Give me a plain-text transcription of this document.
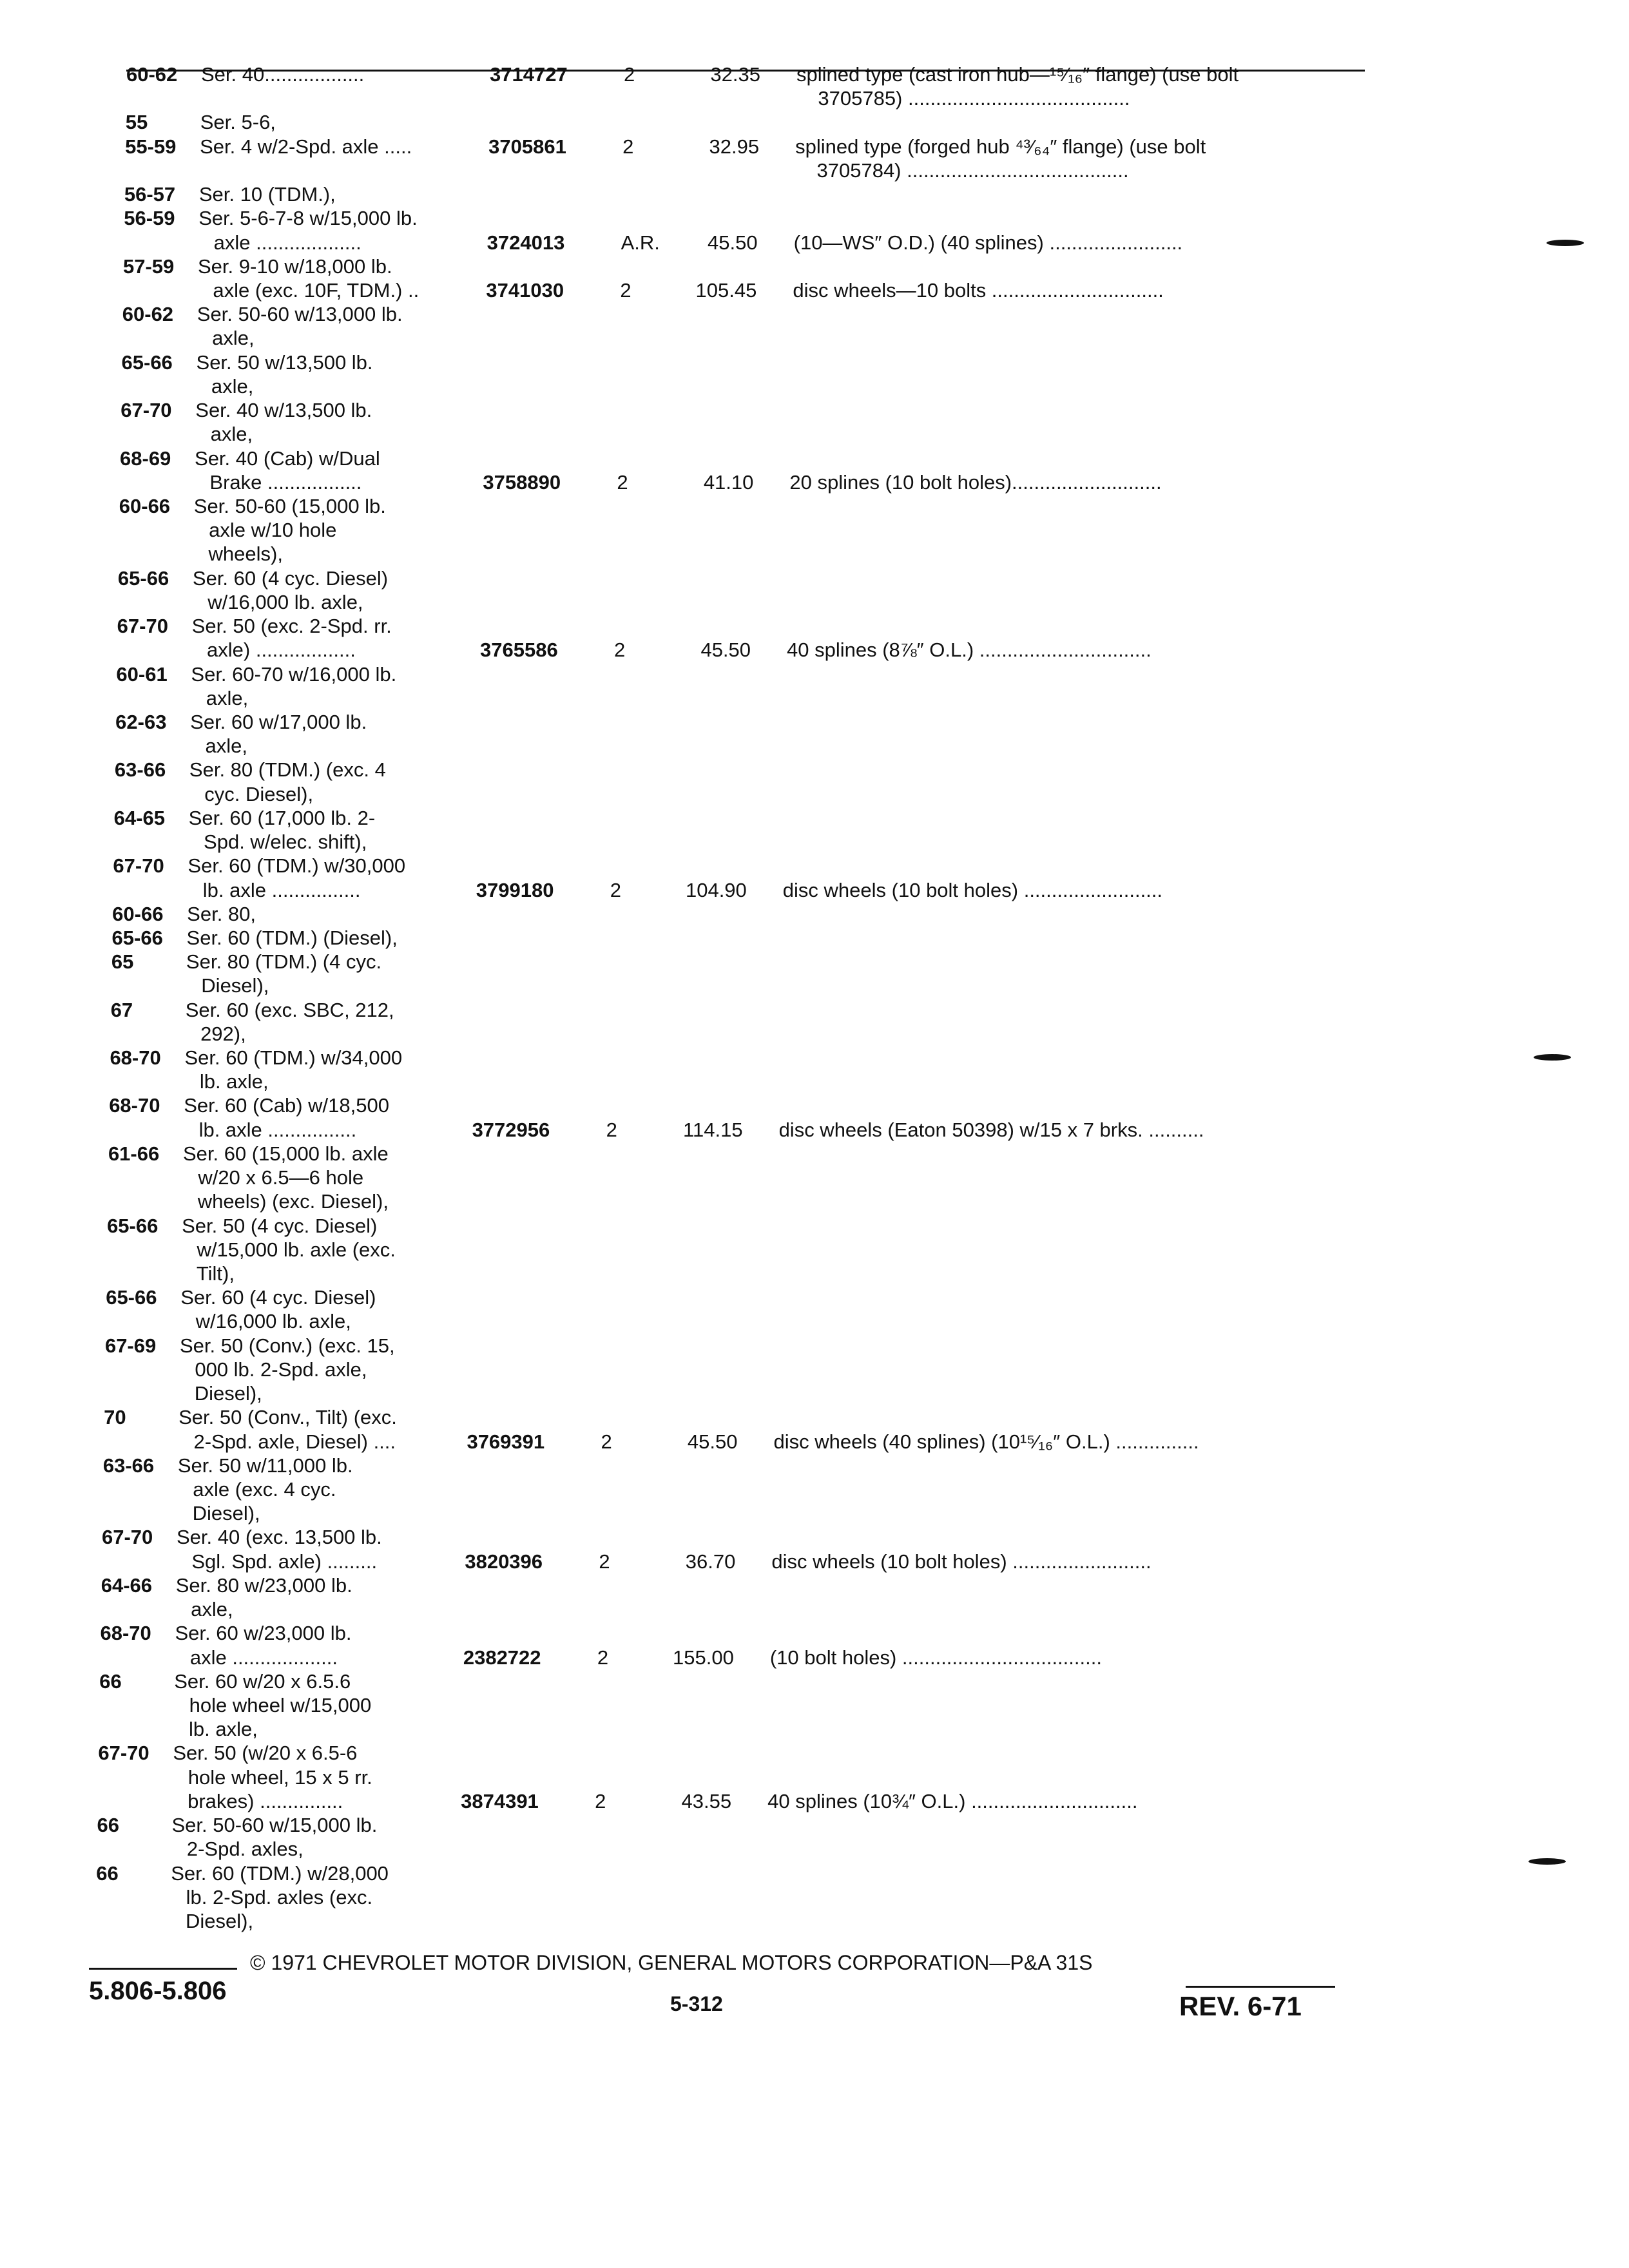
60-62	Ser. 40..................	3714727	2	32.35 splined type (cast iron hub—¹⁵⁄₁₆″ flange) (use bolt
3705785) ........................................
55	Ser. 5-6,
55-59	Ser. 4 w/2-Spd. axle .....	3705861	2	32.95 splined type (forged hub ⁴³⁄₆₄″ flange) (use bolt
3705784) ........................................
56-57	Ser. 10 (TDM.),
56-59	Ser. 5-6-7-8 w/15,000 lb.
axle ...................	3724013	A.R.	45.50 (10—WS″ O.D.) (40 splines) ........................
57-59	Ser. 9-10 w/18,000 lb.
axle (exc. 10F, TDM.) ..	3741030	2	105.45 disc wheels—10 bolts ...............................
60-62	Ser. 50-60 w/13,000 lb.
axle,
65-66	Ser. 50 w/13,500 lb.
axle,
67-70	Ser. 40 w/13,500 lb.
axle,
68-69	Ser. 40 (Cab) w/Dual
Brake .................	3758890	2	41.10 20 splines (10 bolt holes)...........................
60-66	Ser. 50-60 (15,000 lb.
axle w/10 hole
wheels),
65-66	Ser. 60 (4 cyc. Diesel)
w/16,000 lb. axle,
67-70	Ser. 50 (exc. 2-Spd. rr.
axle) ..................	3765586	2	45.50 40 splines (8⅞″ O.L.) ...............................
60-61	Ser. 60-70 w/16,000 lb.
axle,
62-63	Ser. 60 w/17,000 lb.
axle,
63-66	Ser. 80 (TDM.) (exc. 4
cyc. Diesel),
64-65	Ser. 60 (17,000 lb. 2-
Spd. w/elec. shift),
67-70	Ser. 60 (TDM.) w/30,000
lb. axle ................	3799180	2	104.90 disc wheels (10 bolt holes) .........................
60-66	Ser. 80,
65-66	Ser. 60 (TDM.) (Diesel),
65	Ser. 80 (TDM.) (4 cyc.
Diesel),
67	Ser. 60 (exc. SBC, 212,
292),
68-70	Ser. 60 (TDM.) w/34,000
lb. axle,
68-70	Ser. 60 (Cab) w/18,500
lb. axle ................	3772956	2	114.15 disc wheels (Eaton 50398) w/15 x 7 brks. ..........
61-66	Ser. 60 (15,000 lb. axle
w/20 x 6.5—6 hole
wheels) (exc. Diesel),
65-66	Ser. 50 (4 cyc. Diesel)
w/15,000 lb. axle (exc.
Tilt),
65-66	Ser. 60 (4 cyc. Diesel)
w/16,000 lb. axle,
67-69	Ser. 50 (Conv.) (exc. 15,
000 lb. 2-Spd. axle,
Diesel),
70	Ser. 50 (Conv., Tilt) (exc.
2-Spd. axle, Diesel) ....	3769391	2	45.50 disc wheels (40 splines) (10¹⁵⁄₁₆″ O.L.) ...............
63-66	Ser. 50 w/11,000 lb.
axle (exc. 4 cyc.
Diesel),
67-70	Ser. 40 (exc. 13,500 lb.
Sgl. Spd. axle) .........	3820396	2	36.70 disc wheels (10 bolt holes) .........................
64-66	Ser. 80 w/23,000 lb.
axle,
68-70	Ser. 60 w/23,000 lb.
axle ...................	2382722	2	155.00 (10 bolt holes) ....................................
66	Ser. 60 w/20 x 6.5.6
hole wheel w/15,000
lb. axle,
67-70	Ser. 50 (w/20 x 6.5-6
hole wheel, 15 x 5 rr.
brakes) ...............	3874391	2	43.55 40 splines (10¾″ O.L.) ..............................
66	Ser. 50-60 w/15,000 lb.
2-Spd. axles,
66	Ser. 60 (TDM.) w/28,000
lb. 2-Spd. axles (exc.
Diesel),
© 1971 CHEVROLET MOTOR DIVISION, GENERAL MOTORS CORPORATION—P&A 31S
5.806-5.806	5-312	REV. 6-71
